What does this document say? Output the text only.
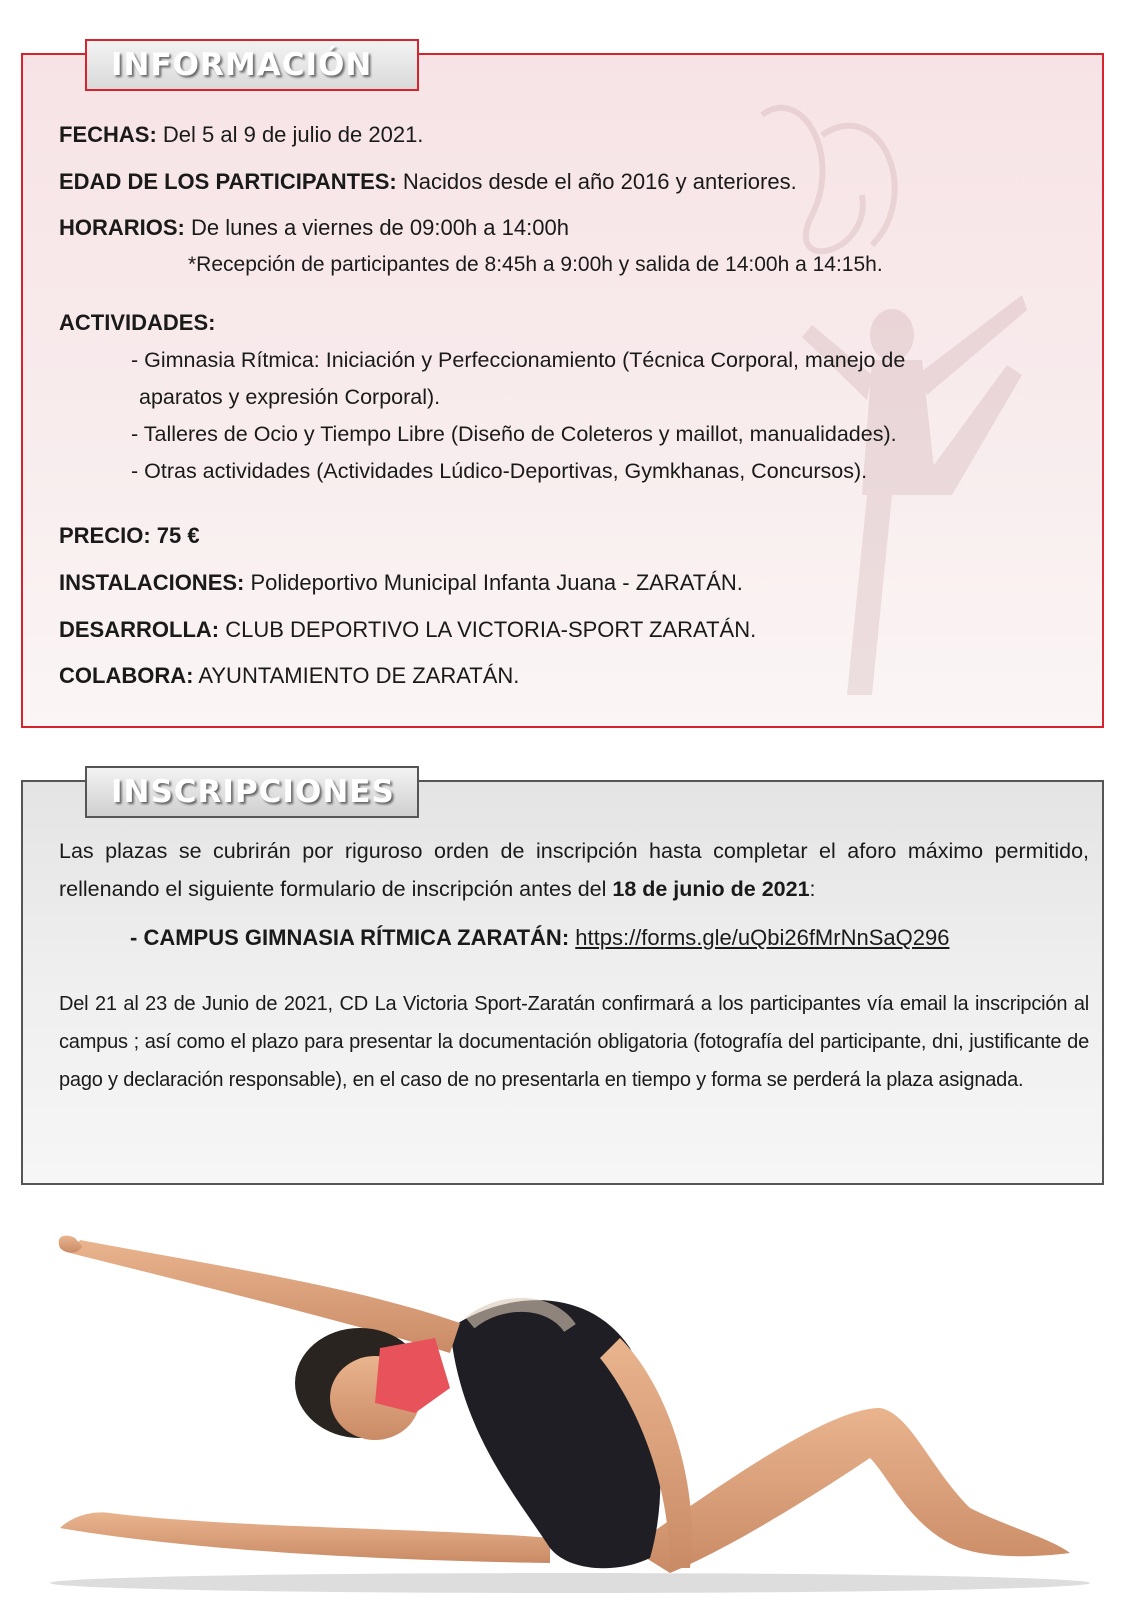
INFORMACIÓN
FECHAS: Del 5 al 9 de julio de 2021.
EDAD DE LOS PARTICIPANTES: Nacidos desde el año 2016 y anteriores.
HORARIOS: De lunes a viernes de 09:00h a 14:00h
*Recepción de participantes de 8:45h a 9:00h y salida de 14:00h a 14:15h.
ACTIVIDADES:
- Gimnasia Rítmica: Iniciación y Perfeccionamiento (Técnica Corporal, manejo de
aparatos y expresión Corporal).
- Talleres de Ocio y Tiempo Libre (Diseño de Coleteros y maillot, manualidades).
- Otras actividades (Actividades Lúdico-Deportivas, Gymkhanas, Concursos).
PRECIO: 75 €
INSTALACIONES: Polideportivo Municipal Infanta Juana - ZARATÁN.
DESARROLLA: CLUB DEPORTIVO LA VICTORIA-SPORT ZARATÁN.
COLABORA: AYUNTAMIENTO DE ZARATÁN.
INSCRIPCIONES
Las plazas se cubrirán por riguroso orden de inscripción hasta completar el aforo máximo permitido, rellenando el siguiente formulario de inscripción antes del 18 de junio de 2021:
- CAMPUS GIMNASIA RÍTMICA ZARATÁN: https://forms.gle/uQbi26fMrNnSaQ296
Del 21 al 23 de Junio de 2021, CD La Victoria Sport-Zaratán confirmará a los participantes vía email la inscripción al campus ; así como el plazo para presentar la documentación obligatoria (fotografía del participante, dni, justificante de pago y declaración responsable), en el caso de no presentarla en tiempo y forma se perderá la plaza asignada.
